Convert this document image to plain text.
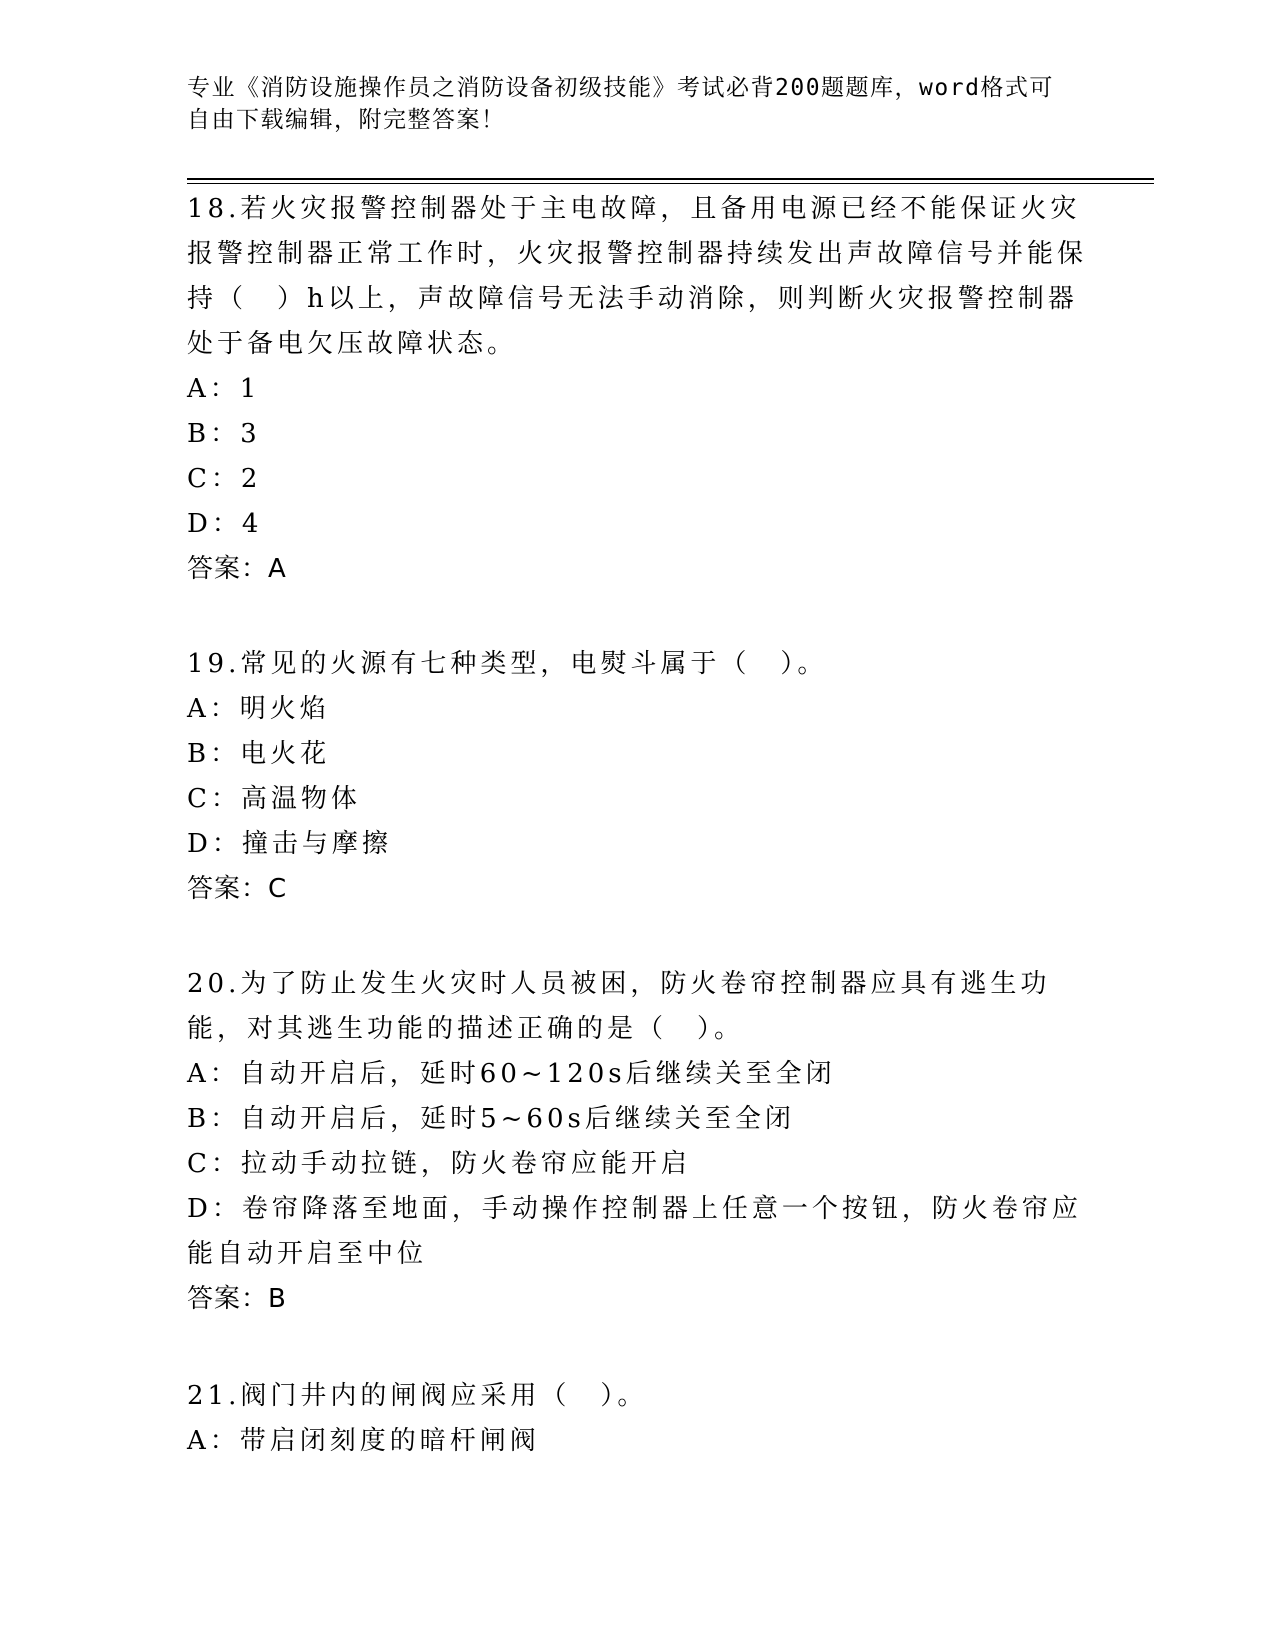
专业《消防设施操作员之消防设备初级技能》考试必背200题题库，word格式可自由下载编辑，附完整答案！

18.若火灾报警控制器处于主电故障，且备用电源已经不能保证火灾报警控制器正常工作时，火灾报警控制器持续发出声故障信号并能保持（　）h以上，声故障信号无法手动消除，则判断火灾报警控制器处于备电欠压故障状态。

A：1

B：3

C：2

D：4

答案：A

19.常见的火源有七种类型，电熨斗属于（　）。

A：明火焰

B：电火花

C：高温物体

D：撞击与摩擦

答案：C

20.为了防止发生火灾时人员被困，防火卷帘控制器应具有逃生功能，对其逃生功能的描述正确的是（　）。

A：自动开启后，延时60~120s后继续关至全闭

B：自动开启后，延时5~60s后继续关至全闭

C：拉动手动拉链，防火卷帘应能开启

D：卷帘降落至地面，手动操作控制器上任意一个按钮，防火卷帘应能自动开启至中位

答案：B

21.阀门井内的闸阀应采用（　）。

A：带启闭刻度的暗杆闸阀
